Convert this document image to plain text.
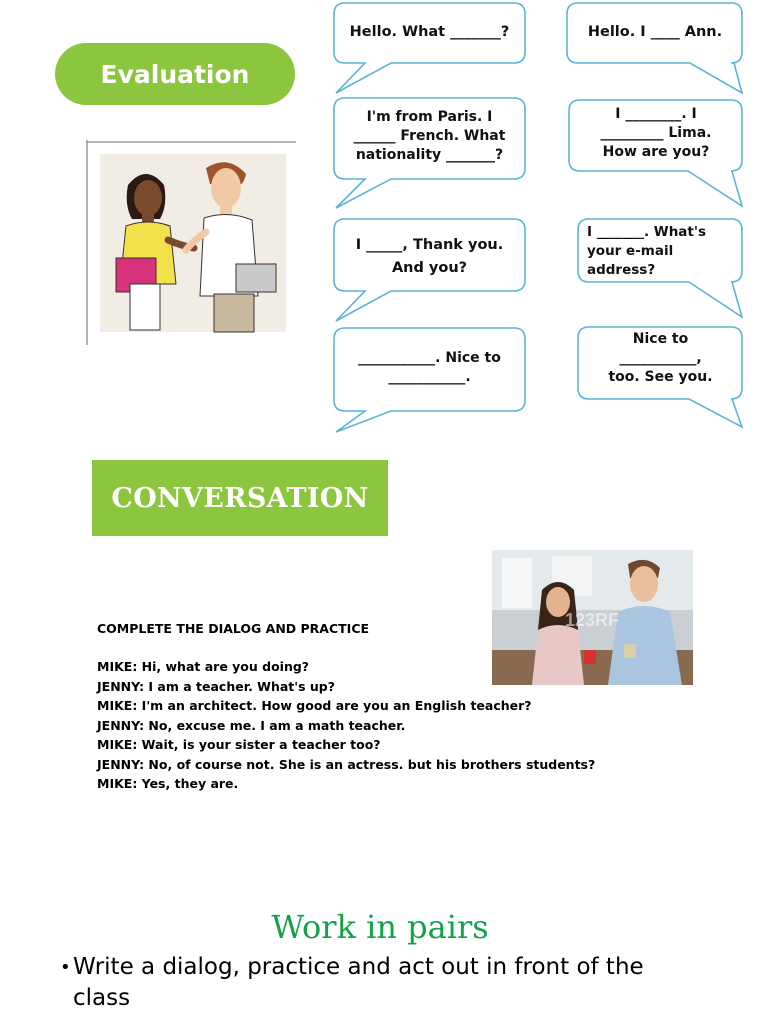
Evaluation
Hello. What _______?	Hello. I ____ Ann.
I'm from Paris. I
______ French. What
nationality _______?
I ________. I
_________ Lima.
How are you?
I _____, Thank you.
And you?
I _______. What's
your e-mail
address?
___________. Nice to
___________.
Nice to
___________,
too. See you.
CONVERSATION
123RF
COMPLETE THE DIALOG AND PRACTICE
MIKE: Hi, what are you doing?
JENNY: I am a teacher. What's up?
MIKE: I'm an architect. How good are you an English teacher?
JENNY: No, excuse me. I am a math teacher.
MIKE: Wait, is your sister a teacher too?
JENNY: No, of course not. She is an actress. but his brothers students?
MIKE: Yes, they are.
Work in pairs
• Write a dialog, practice and act out in front of the class
